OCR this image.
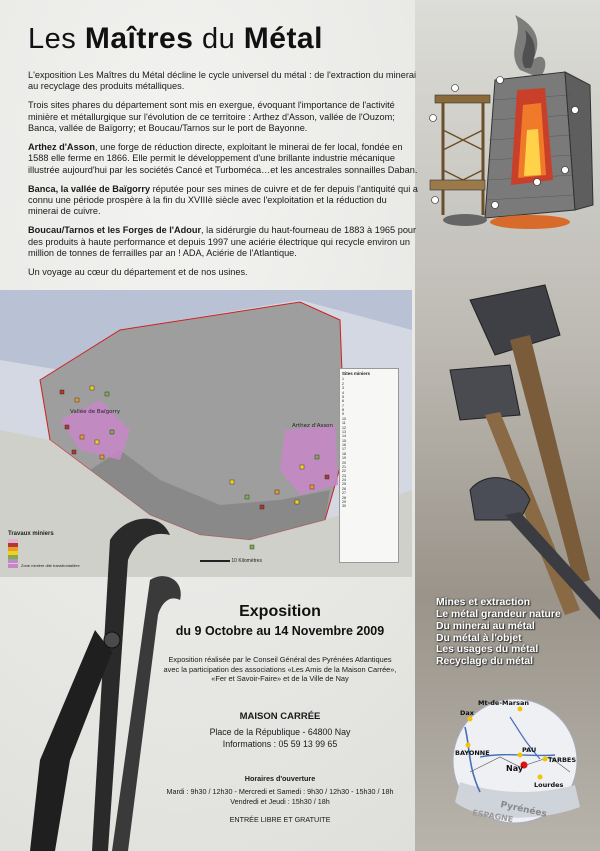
Les Maîtres du Métal

L'exposition Les Maîtres du Métal décline le cycle universel du métal : de l'extraction du minerai au recyclage des produits métalliques.

Trois sites phares du département sont mis en exergue, évoquant l'importance de l'activité minière et métallurgique sur l'évolution de ce territoire : Arthez d'Asson, vallée de l'Ouzom; Banca, vallée de Baïgorry; et Boucau/Tarnos sur le port de Bayonne.

Arthez d'Asson, une forge de réduction directe, exploitant le minerai de fer local, fondée en 1588 elle ferme en 1866. Elle permit le développement d'une brillante industrie mécanique illustrée aujourd'hui par les sociétés Cancé et Turboméca…et les ancestrales sonnailles Daban.

Banca, la vallée de Baïgorry réputée pour ses mines de cuivre et de fer depuis l'antiquité qui a connu une période prospère à la fin du XVIIIè siècle avec l'exploitation et la réduction du minerai de cuivre.

Boucau/Tarnos et les Forges de l'Adour, la sidérurgie du haut-fourneau de 1883 à 1965 pour des produits à haute performance et depuis 1997 une aciérie électrique qui recycle environ un million de tonnes de ferrailles par an ! ADA, Aciérie de l'Atlantique.

Un voyage au cœur du département et de nos usines.

Vallée de Baïgorry
Arthez d'Asson
Sites miniers
1
2
3
4
5
6
7
8
9
10
11
12
13
14
15
16
17
18
19
20
21
22
23
24
25
26
27
28
29
30
Travaux miniers
Zone minière dite transfrontalière
10 Kilomètres
Exposition
du 9 Octobre au 14 Novembre 2009
Exposition réalisée par le Conseil Général des Pyrénées Atlantiques
avec la participation des associations «Les Amis de la Maison Carrée»,
«Fer et Savoir-Faire» et de la Ville de Nay
MAISON CARRÉE
Place de la République - 64800 Nay
Informations : 05 59 13 99 65
Horaires d'ouverture
Mardi : 9h30 / 12h30 - Mercredi et Samedi : 9h30 / 12h30 - 15h30 / 18h
Vendredi et Jeudi : 15h30 / 18h
ENTRÉE LIBRE ET GRATUITE
Mines et extraction
Le métal grandeur nature
Du minerai au métal
Du métal à l'objet
Les usages du métal
Recyclage du métal
Mt-de-Marsan
Dax
BAYONNE	PAU
TARBES
Lourdes
Nay
Pyrénées
ESPAGNE
